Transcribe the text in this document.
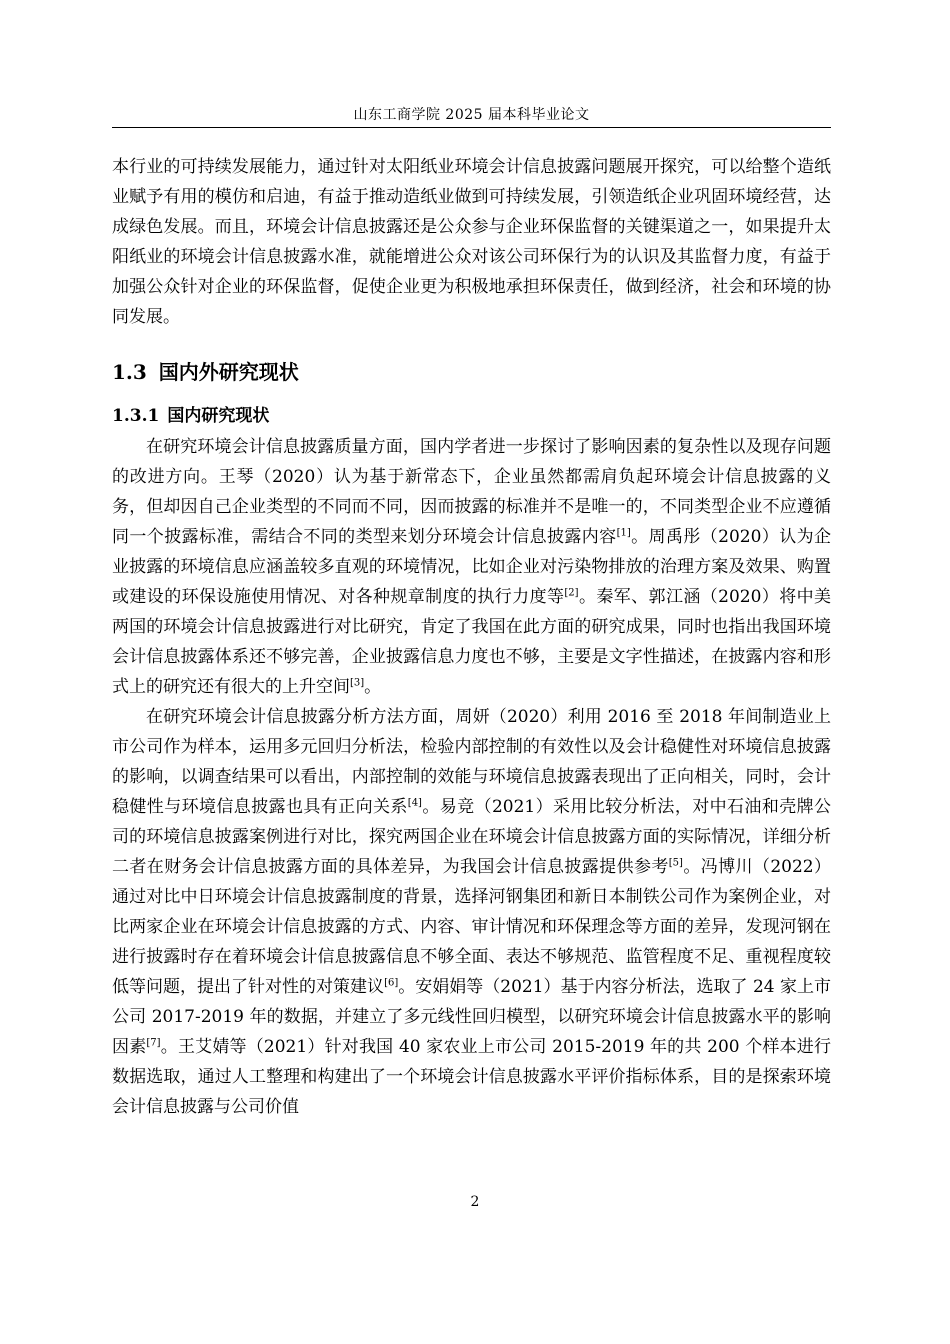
山东工商学院 2025 届本科毕业论文

本行业的可持续发展能力，通过针对太阳纸业环境会计信息披露问题展开探究，可以给整个造纸业赋予有用的模仿和启迪，有益于推动造纸业做到可持续发展，引领造纸企业巩固环境经营，达成绿色发展。而且，环境会计信息披露还是公众参与企业环保监督的关键渠道之一，如果提升太阳纸业的环境会计信息披露水准，就能增进公众对该公司环保行为的认识及其监督力度，有益于加强公众针对企业的环保监督，促使企业更为积极地承担环保责任，做到经济，社会和环境的协同发展。

1.3 国内外研究现状
1.3.1 国内研究现状

在研究环境会计信息披露质量方面，国内学者进一步探讨了影响因素的复杂性以及现存问题的改进方向。王琴（2020）认为基于新常态下，企业虽然都需肩负起环境会计信息披露的义务，但却因自己企业类型的不同而不同，因而披露的标准并不是唯一的，不同类型企业不应遵循同一个披露标准，需结合不同的类型来划分环境会计信息披露内容[1]。周禹彤（2020）认为企业披露的环境信息应涵盖较多直观的环境情况，比如企业对污染物排放的治理方案及效果、购置或建设的环保设施使用情况、对各种规章制度的执行力度等[2]。秦军、郭江涵（2020）将中美两国的环境会计信息披露进行对比研究，肯定了我国在此方面的研究成果，同时也指出我国环境会计信息披露体系还不够完善，企业披露信息力度也不够，主要是文字性描述，在披露内容和形式上的研究还有很大的上升空间[3]。

在研究环境会计信息披露分析方法方面，周妍（2020）利用 2016 至 2018 年间制造业上市公司作为样本，运用多元回归分析法，检验内部控制的有效性以及会计稳健性对环境信息披露的影响，以调查结果可以看出，内部控制的效能与环境信息披露表现出了正向相关，同时，会计稳健性与环境信息披露也具有正向关系[4]。易竞（2021）采用比较分析法，对中石油和壳牌公司的环境信息披露案例进行对比，探究两国企业在环境会计信息披露方面的实际情况，详细分析二者在财务会计信息披露方面的具体差异，为我国会计信息披露提供参考[5]。冯博川（2022）通过对比中日环境会计信息披露制度的背景，选择河钢集团和新日本制铁公司作为案例企业，对比两家企业在环境会计信息披露的方式、内容、审计情况和环保理念等方面的差异，发现河钢在进行披露时存在着环境会计信息披露信息不够全面、表达不够规范、监管程度不足、重视程度较低等问题，提出了针对性的对策建议[6]。安娟娟等（2021）基于内容分析法，选取了 24 家上市公司 2017-2019 年的数据，并建立了多元线性回归模型，以研究环境会计信息披露水平的影响因素[7]。王艾婧等（2021）针对我国 40 家农业上市公司 2015-2019 年的共 200 个样本进行数据选取，通过人工整理和构建出了一个环境会计信息披露水平评价指标体系，目的是探索环境会计信息披露与公司价值

2
